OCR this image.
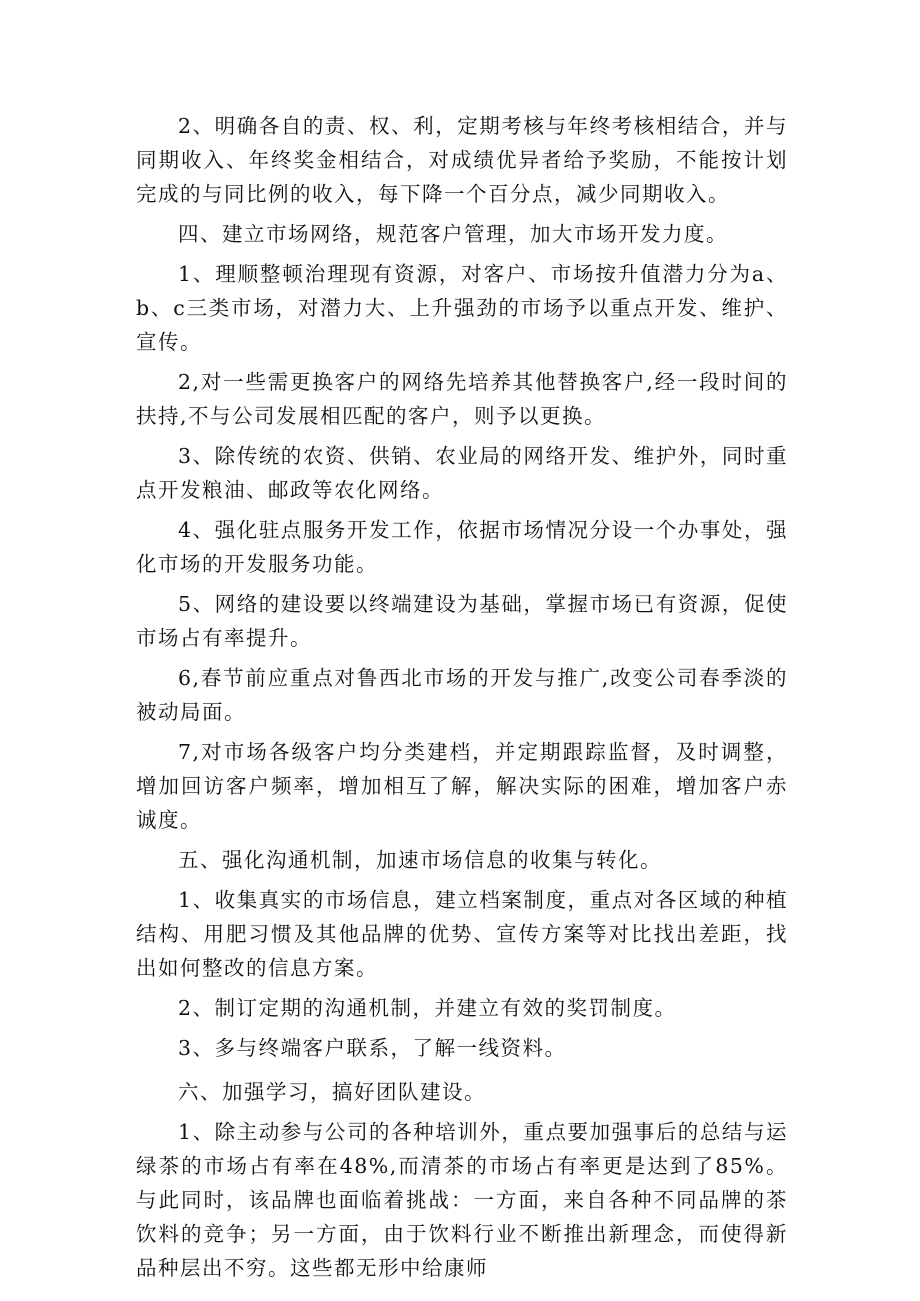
2、明确各自的责、权、利，定期考核与年终考核相结合，并与同期收入、年终奖金相结合，对成绩优异者给予奖励，不能按计划完成的与同比例的收入，每下降一个百分点，减少同期收入。

四、建立市场网络，规范客户管理，加大市场开发力度。

1、理顺整顿治理现有资源，对客户、市场按升值潜力分为a、b、c三类市场，对潜力大、上升强劲的市场予以重点开发、维护、宣传。

2,对一些需更换客户的网络先培养其他替换客户,经一段时间的扶持,不与公司发展相匹配的客户，则予以更换。

3、除传统的农资、供销、农业局的网络开发、维护外，同时重点开发粮油、邮政等农化网络。

4、强化驻点服务开发工作，依据市场情况分设一个办事处，强化市场的开发服务功能。

5、网络的建设要以终端建设为基础，掌握市场已有资源，促使市场占有率提升。

6,春节前应重点对鲁西北市场的开发与推广,改变公司春季淡的被动局面。

7,对市场各级客户均分类建档，并定期跟踪监督，及时调整，增加回访客户频率，增加相互了解，解决实际的困难，增加客户赤诚度。

五、强化沟通机制，加速市场信息的收集与转化。

1、收集真实的市场信息，建立档案制度，重点对各区域的种植结构、用肥习惯及其他品牌的优势、宣传方案等对比找出差距，找出如何整改的信息方案。

2、制订定期的沟通机制，并建立有效的奖罚制度。

3、多与终端客户联系，了解一线资料。

六、加强学习，搞好团队建设。

1、除主动参与公司的各种培训外，重点要加强事后的总结与运绿茶的市场占有率在48%,而清茶的市场占有率更是达到了85%。与此同时，该品牌也面临着挑战：一方面，来自各种不同品牌的茶饮料的竞争；另一方面，由于饮料行业不断推出新理念，而使得新品种层出不穷。这些都无形中给康师
